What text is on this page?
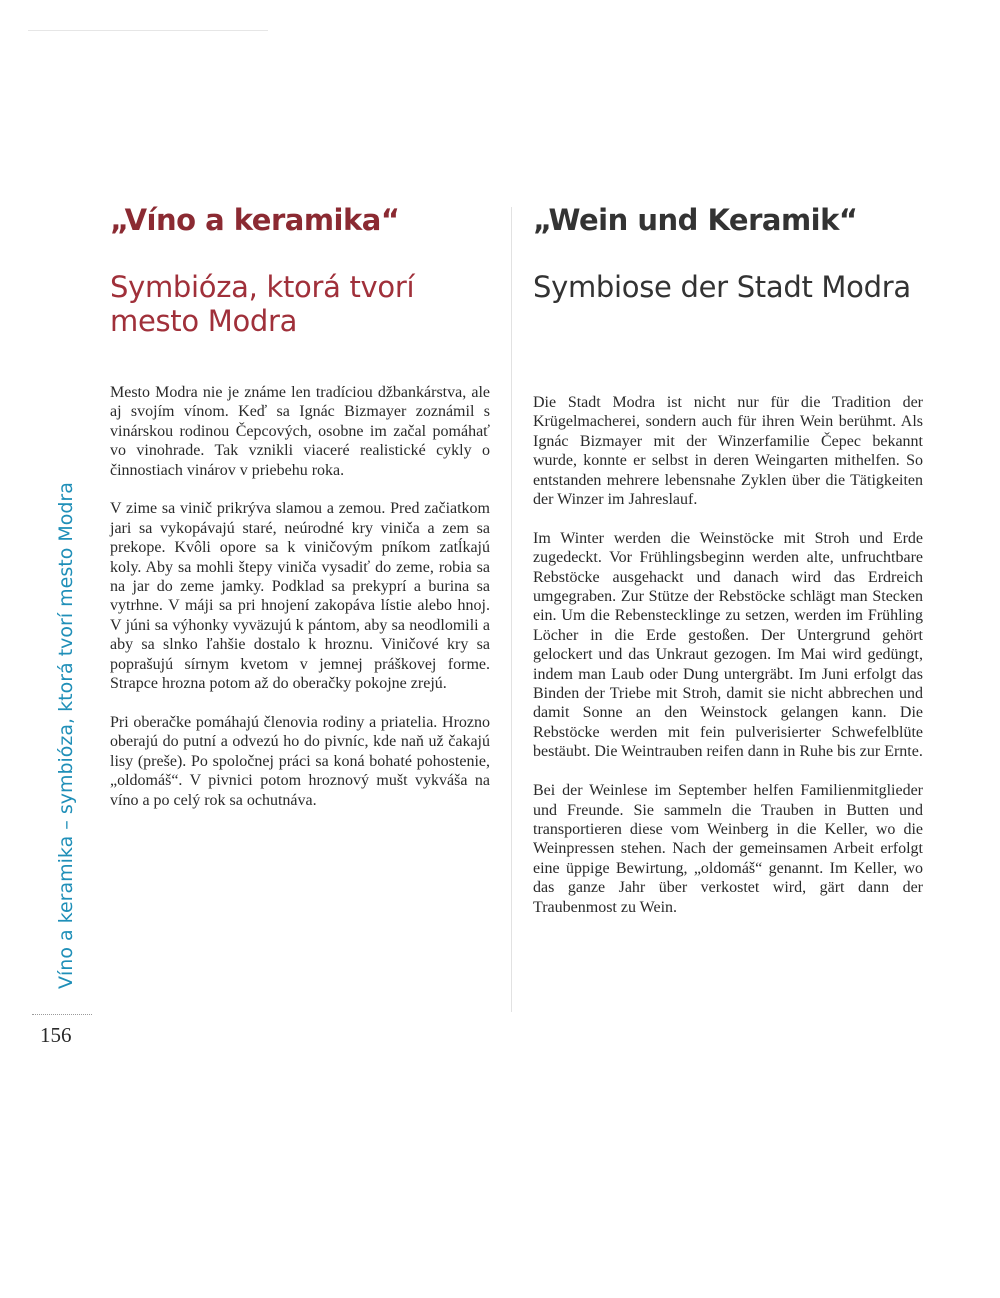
„Víno a keramika“
Symbióza, ktorá tvorí mesto Modra

Mesto Modra nie je známe len tradíciou džbankárstva, ale aj svojím vínom. Keď sa Ignác Bizmayer zoznámil s vinárskou rodinou Čepcových, osobne im začal pomáhať vo vinohrade. Tak vznikli viaceré realistické cykly o činnostiach vinárov v priebehu roka.

V zime sa vinič prikrýva slamou a zemou. Pred začiatkom jari sa vykopávajú staré, neúrodné kry viniča a zem sa prekope. Kvôli opore sa k viničovým pníkom zatĺkajú koly. Aby sa mohli štepy viniča vysadiť do zeme, robia sa na jar do zeme jamky. Podklad sa prekyprí a burina sa vytrhne. V máji sa pri hnojení zakopáva lístie alebo hnoj. V júni sa výhonky vyväzujú k pántom, aby sa neodlomili a aby sa slnko ľahšie dostalo k hroznu. Viničové kry sa poprašujú sírnym kvetom v jemnej práškovej forme. Strapce hrozna potom až do oberačky pokojne zrejú.

Pri oberačke pomáhajú členovia rodiny a priatelia. Hrozno oberajú do putní a odvezú ho do pivníc, kde naň už čakajú lisy (preše). Po spoločnej práci sa koná bohaté pohostenie, „oldomáš“. V pivnici potom hroznový mušt vykváša na víno a po celý rok sa ochutnáva.

„Wein und Keramik“
Symbiose der Stadt Modra

Die Stadt Modra ist nicht nur für die Tradition der Krügelmacherei, sondern auch für ihren Wein berühmt. Als Ignác Bizmayer mit der Winzerfamilie Čepec bekannt wurde, konnte er selbst in deren Weingarten mithelfen. So entstanden mehrere lebensnahe Zyklen über die Tätigkeiten der Winzer im Jahreslauf.

Im Winter werden die Weinstöcke mit Stroh und Erde zugedeckt. Vor Frühlingsbeginn werden alte, unfruchtbare Rebstöcke ausgehackt und danach wird das Erdreich umgegraben. Zur Stütze der Rebstöcke schlägt man Stecken ein. Um die Rebenstecklinge zu setzen, werden im Frühling Löcher in die Erde gestoßen. Der Untergrund gehört gelockert und das Unkraut gezogen. Im Mai wird gedüngt, indem man Laub oder Dung untergräbt. Im Juni erfolgt das Binden der Triebe mit Stroh, damit sie nicht abbrechen und damit Sonne an den Weinstock gelangen kann. Die Rebstöcke werden mit fein pulverisierter Schwefelblüte bestäubt. Die Weintrauben reifen dann in Ruhe bis zur Ernte.

Bei der Weinlese im September helfen Familienmitglieder und Freunde. Sie sammeln die Trauben in Butten und transportieren diese vom Weinberg in die Keller, wo die Weinpressen stehen. Nach der gemeinsamen Arbeit erfolgt eine üppige Bewirtung, „oldomáš“ genannt. Im Keller, wo das ganze Jahr über verkostet wird, gärt dann der Traubenmost zu Wein.

Víno a keramika – symbióza, ktorá tvorí mesto Modra
156
